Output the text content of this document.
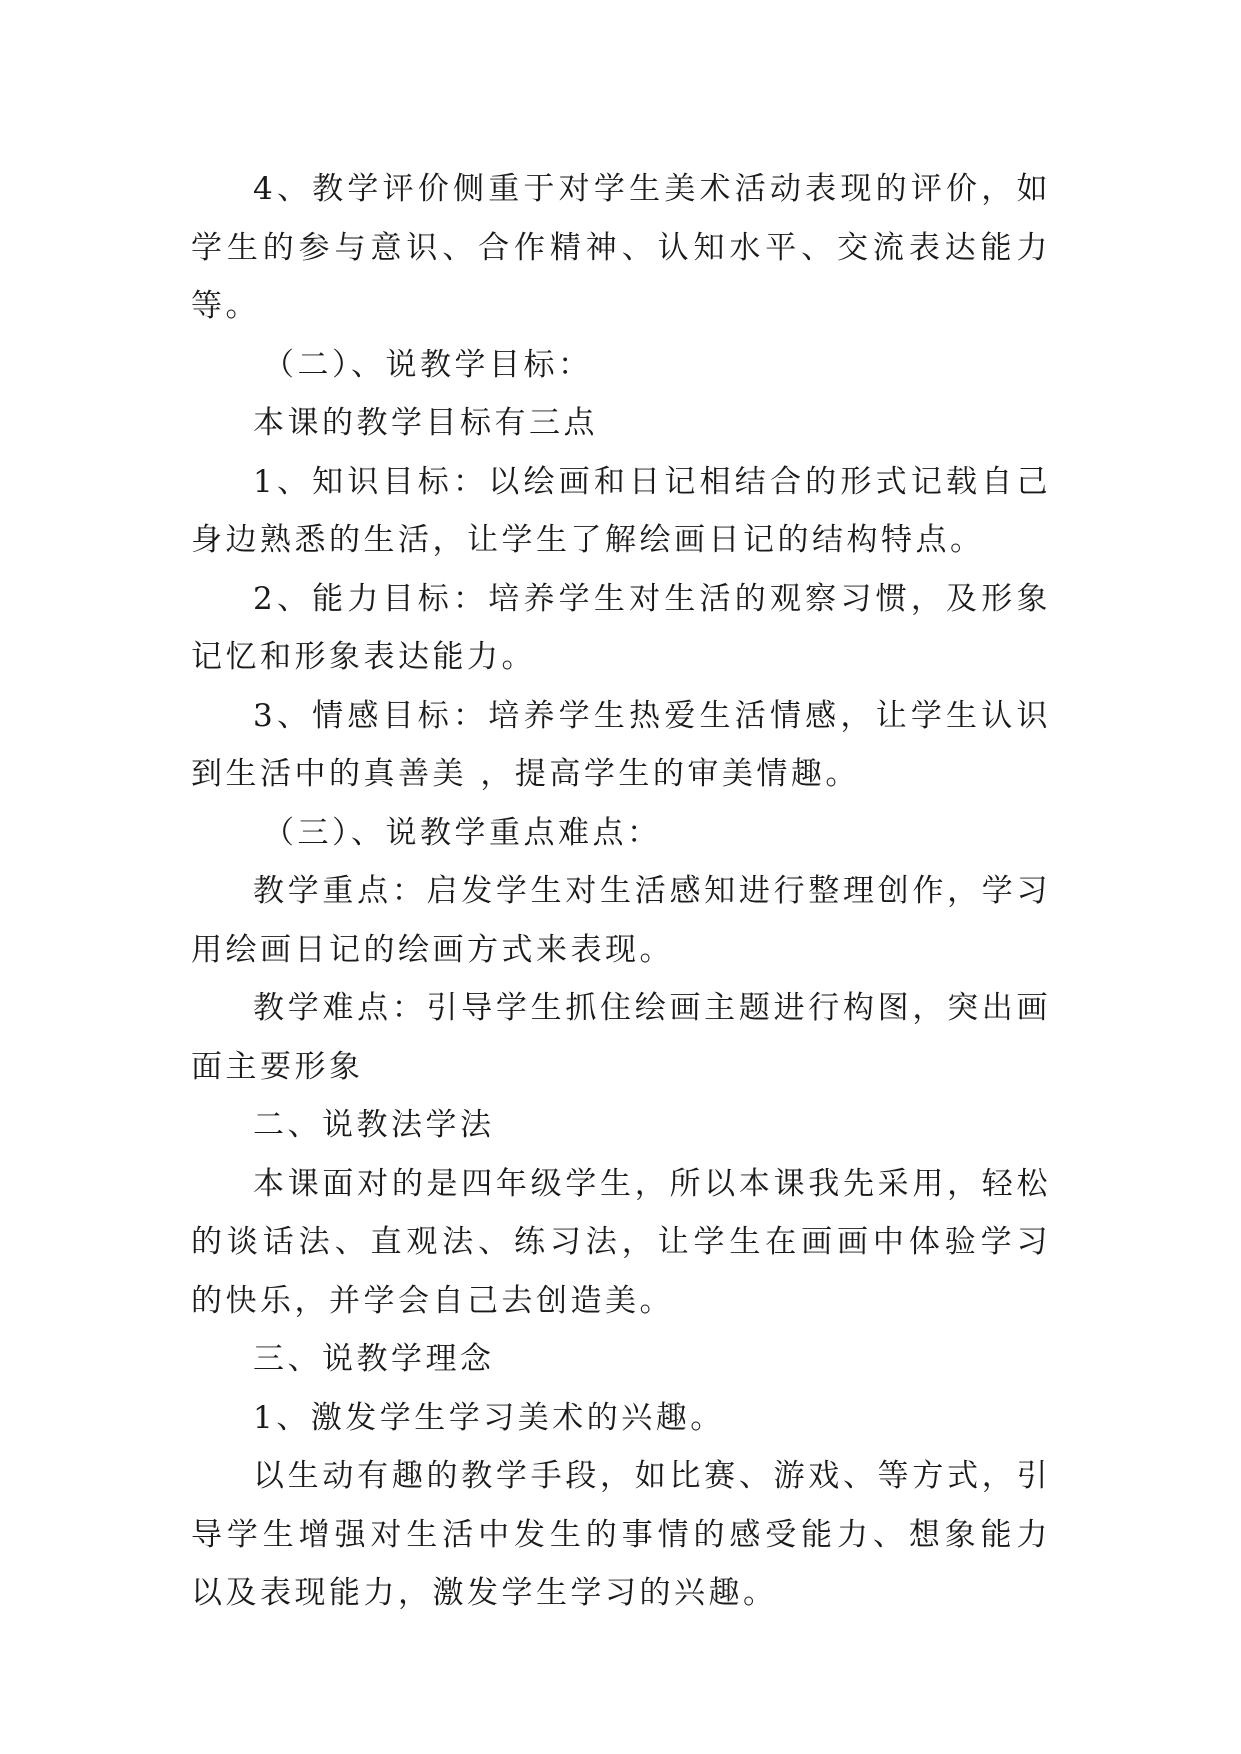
4、教学评价侧重于对学生美术活动表现的评价，如学生的参与意识、合作精神、认知水平、交流表达能力等。

（二）、说教学目标：

本课的教学目标有三点

1、知识目标：以绘画和日记相结合的形式记载自己身边熟悉的生活，让学生了解绘画日记的结构特点。

2、能力目标：培养学生对生活的观察习惯，及形象记忆和形象表达能力。

3、情感目标：培养学生热爱生活情感，让学生认识到生活中的真善美 ，提高学生的审美情趣。

（三）、说教学重点难点：

教学重点：启发学生对生活感知进行整理创作，学习用绘画日记的绘画方式来表现。

教学难点：引导学生抓住绘画主题进行构图，突出画面主要形象

二、说教法学法

本课面对的是四年级学生，所以本课我先采用，轻松的谈话法、直观法、练习法，让学生在画画中体验学习的快乐，并学会自己去创造美。

三、说教学理念

1、激发学生学习美术的兴趣。

以生动有趣的教学手段，如比赛、游戏、等方式，引导学生增强对生活中发生的事情的感受能力、想象能力以及表现能力，激发学生学习的兴趣。
